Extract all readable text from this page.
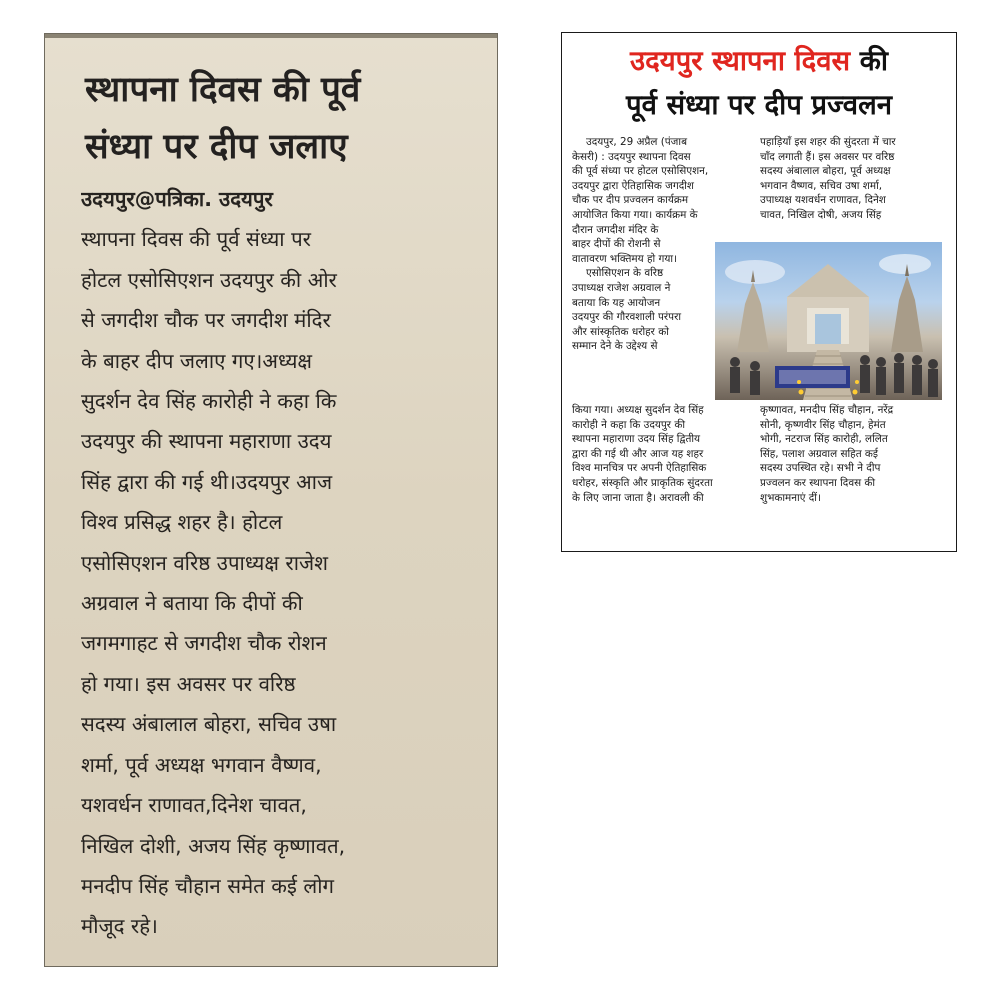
स्थापना दिवस की पूर्व
संध्या पर दीप जलाए
उदयपुर@पत्रिका. उदयपुर
स्थापना दिवस की पूर्व संध्या पर
होटल एसोसिएशन उदयपुर की ओर
से जगदीश चौक पर जगदीश मंदिर
के बाहर दीप जलाए गए।अध्यक्ष
सुदर्शन देव सिंह कारोही ने कहा कि
उदयपुर की स्थापना महाराणा उदय
सिंह द्वारा की गई थी।उदयपुर आज
विश्व प्रसिद्ध शहर है। होटल
एसोसिएशन वरिष्ठ उपाध्यक्ष राजेश
अग्रवाल ने बताया कि दीपों की
जगमगाहट से जगदीश चौक रोशन
हो गया। इस अवसर पर वरिष्ठ
सदस्य अंबालाल बोहरा, सचिव उषा
शर्मा, पूर्व अध्यक्ष भगवान वैष्णव,
यशवर्धन राणावत,दिनेश चावत,
निखिल दोशी, अजय सिंह कृष्णावत,
मनदीप सिंह चौहान समेत कई लोग
मौजूद रहे।
उदयपुर स्थापना दिवस की
पूर्व संध्या पर दीप प्रज्वलन
उदयपुर, 29 अप्रैल (पंजाब
केसरी) : उदयपुर स्थापना दिवस
की पूर्व संध्या पर होटल एसोसिएशन,
उदयपुर द्वारा ऐतिहासिक जगदीश
चौक पर दीप प्रज्वलन कार्यक्रम
आयोजित किया गया। कार्यक्रम के
दौरान जगदीश मंदिर के
बाहर दीपों की रोशनी से
वातावरण भक्तिमय हो गया।
एसोसिएशन के वरिष्ठ
उपाध्यक्ष राजेश अग्रवाल ने
बताया कि यह आयोजन
उदयपुर की गौरवशाली परंपरा
और सांस्कृतिक धरोहर को
सम्मान देने के उद्देश्य से
पहाड़ियाँ इस शहर की सुंदरता में चार
चाँद लगाती हैं। इस अवसर पर वरिष्ठ
सदस्य अंबालाल बोहरा, पूर्व अध्यक्ष
भगवान वैष्णव, सचिव उषा शर्मा,
उपाध्यक्ष यशवर्धन राणावत, दिनेश
चावत, निखिल दोषी, अजय सिंह
किया गया। अध्यक्ष सुदर्शन देव सिंह
कारोही ने कहा कि उदयपुर की
स्थापना महाराणा उदय सिंह द्वितीय
द्वारा की गई थी और आज यह शहर
विश्व मानचित्र पर अपनी ऐतिहासिक
धरोहर, संस्कृति और प्राकृतिक सुंदरता
के लिए जाना जाता है। अरावली की
कृष्णावत, मनदीप सिंह चौहान, नरेंद्र
सोनी, कृष्णवीर सिंह चौहान, हेमंत
भोगी, नटराज सिंह कारोही, ललित
सिंह, पलाश अग्रवाल सहित कई
सदस्य उपस्थित रहे। सभी ने दीप
प्रज्वलन कर स्थापना दिवस की
शुभकामनाएं दीं।
